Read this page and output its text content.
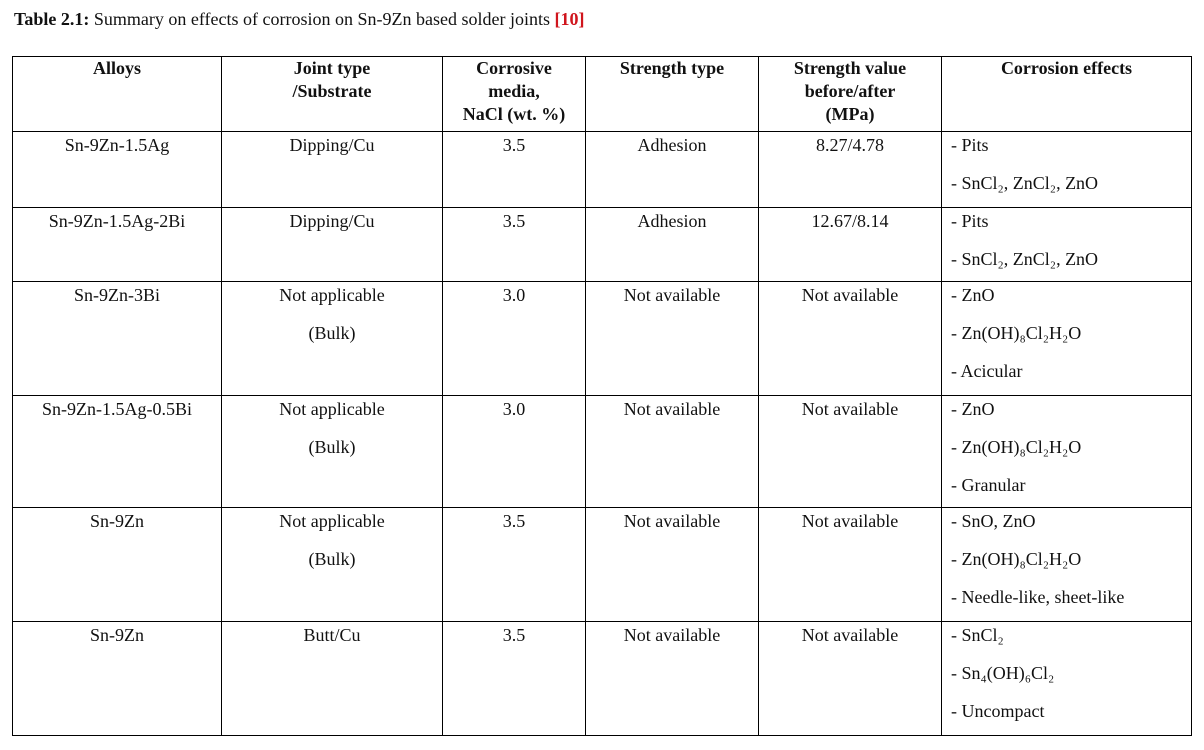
Table 2.1: Summary on effects of corrosion on Sn-9Zn based solder joints [10]
Alloys	Joint type
/Substrate	Corrosive
media,
NaCl (wt. %)	Strength type	Strength value
before/after
(MPa)	Corrosion effects

Sn-9Zn-1.5Ag	Dipping/Cu	3.5	Adhesion	8.27/4.78	- Pits
- SnCl₂, ZnCl₂, ZnO

Sn-9Zn-1.5Ag-2Bi	Dipping/Cu	3.5	Adhesion	12.67/8.14	- Pits
- SnCl₂, ZnCl₂, ZnO

Sn-9Zn-3Bi	Not applicable
(Bulk)	3.0	Not available	Not available	- ZnO
- Zn(OH)₈Cl₂H₂O
- Acicular

Sn-9Zn-1.5Ag-0.5Bi	Not applicable
(Bulk)	3.0	Not available	Not available	- ZnO
- Zn(OH)₈Cl₂H₂O
- Granular

Sn-9Zn	Not applicable
(Bulk)	3.5	Not available	Not available	- SnO, ZnO
- Zn(OH)₈Cl₂H₂O
- Needle-like, sheet-like

Sn-9Zn	Butt/Cu	3.5	Not available	Not available	- SnCl₂
- Sn₄(OH)₆Cl₂
- Uncompact
